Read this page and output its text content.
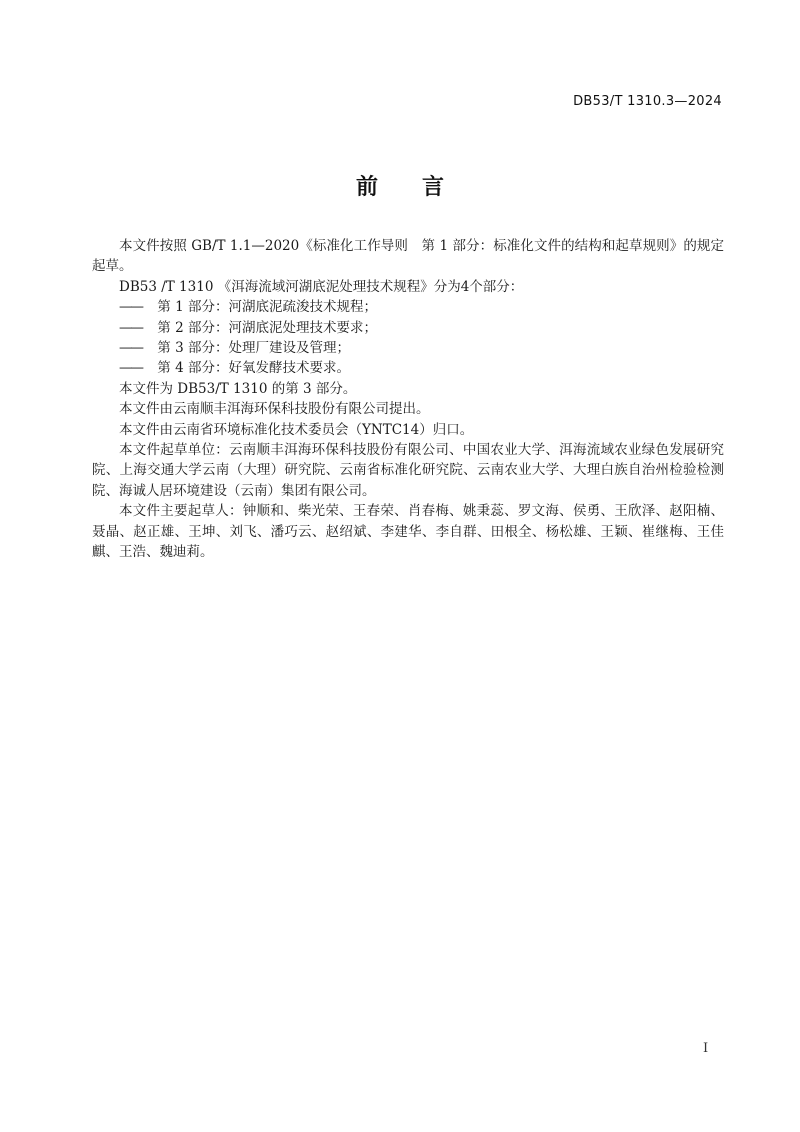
DB53/T 1310.3—2024
前 言

本文件按照 GB/T 1.1—2020《标准化工作导则　第 1 部分：标准化文件的结构和起草规则》的规定起草。

DB53 /T 1310 《洱海流域河湖底泥处理技术规程》分为4个部分：

—— 第 1 部分：河湖底泥疏浚技术规程；

—— 第 2 部分：河湖底泥处理技术要求；

—— 第 3 部分：处理厂建设及管理；

—— 第 4 部分：好氧发酵技术要求。

本文件为 DB53/T 1310 的第 3 部分。

本文件由云南顺丰洱海环保科技股份有限公司提出。

本文件由云南省环境标准化技术委员会（YNTC14）归口。

本文件起草单位：云南顺丰洱海环保科技股份有限公司、中国农业大学、洱海流域农业绿色发展研究院、上海交通大学云南（大理）研究院、云南省标准化研究院、云南农业大学、大理白族自治州检验检测院、海诚人居环境建设（云南）集团有限公司。

本文件主要起草人：钟顺和、柴光荣、王春荣、肖春梅、姚秉蕊、罗文海、侯勇、王欣泽、赵阳楠、聂晶、赵正雄、王坤、刘飞、潘巧云、赵绍斌、李建华、李自群、田根全、杨松雄、王颖、崔继梅、王佳麒、王浩、魏迪莉。

I
